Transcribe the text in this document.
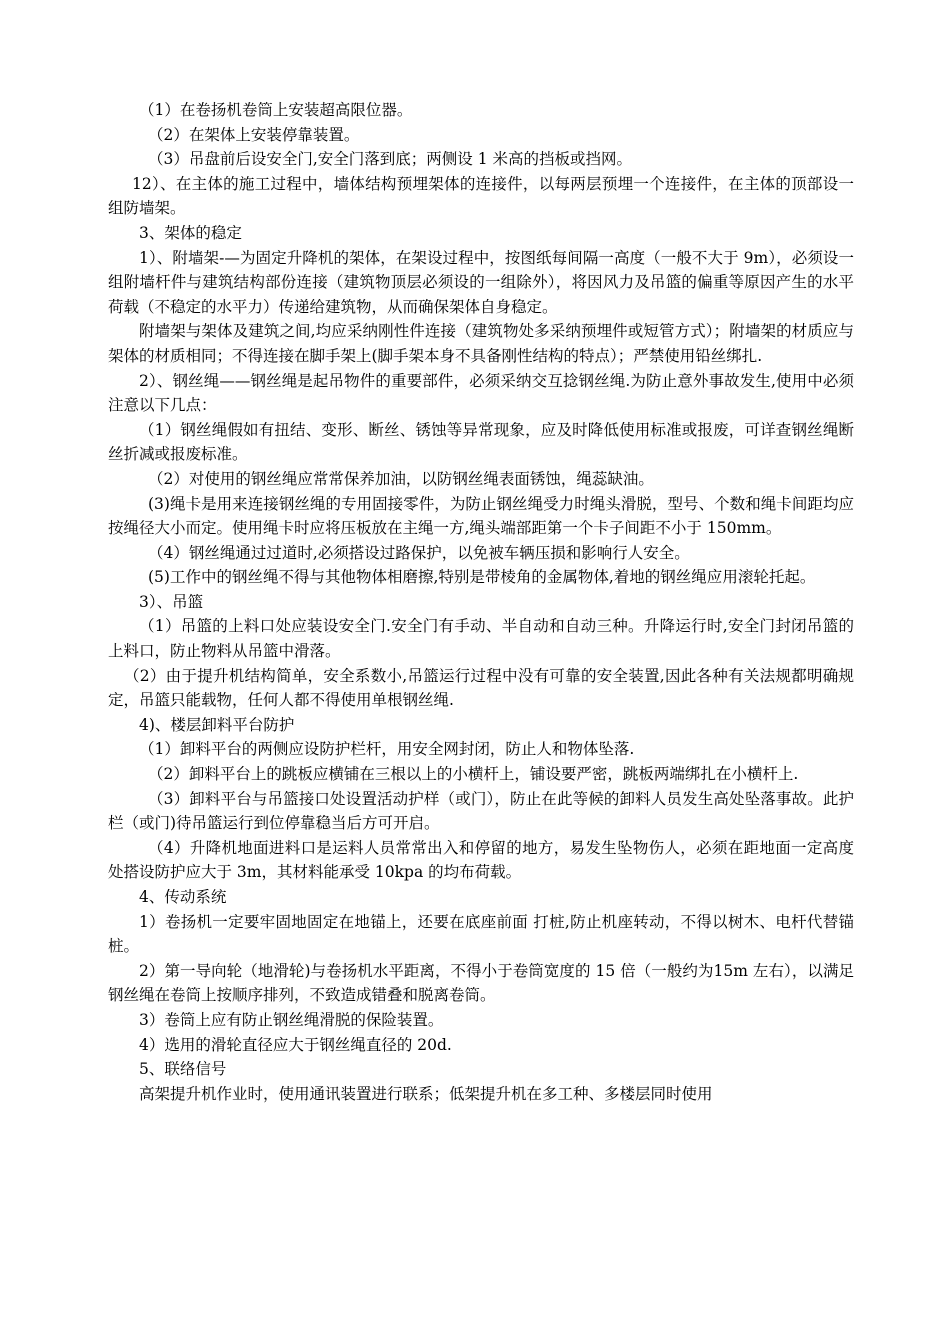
（1）在卷扬机卷筒上安装超高限位器。

（2）在架体上安装停靠装置。

（3）吊盘前后设安全门,安全门落到底；两侧设 1 米高的挡板或挡网。

12）、在主体的施工过程中，墙体结构预埋架体的连接件，以每两层预埋一个连接件，在主体的顶部设一组防墙架。

3、架体的稳定

1）、附墙架-—为固定升降机的架体，在架设过程中，按图纸每间隔一高度（一般不大于 9m），必须设一组附墙杆件与建筑结构部份连接（建筑物顶层必须设的一组除外），将因风力及吊篮的偏重等原因产生的水平荷载（不稳定的水平力）传递给建筑物，从而确保架体自身稳定。

附墙架与架体及建筑之间,均应采纳刚性件连接（建筑物处多采纳预埋件或短管方式）；附墙架的材质应与架体的材质相同；不得连接在脚手架上(脚手架本身不具备刚性结构的特点）；严禁使用铅丝绑扎.

2）、钢丝绳——钢丝绳是起吊物件的重要部件，必须采纳交互捻钢丝绳.为防止意外事故发生,使用中必须注意以下几点：

（1）钢丝绳假如有扭结、变形、断丝、锈蚀等异常现象，应及时降低使用标准或报废，可详查钢丝绳断丝折减或报废标准。

（2）对使用的钢丝绳应常常保养加油，以防钢丝绳表面锈蚀，绳蕊缺油。

(3)绳卡是用来连接钢丝绳的专用固接零件，为防止钢丝绳受力时绳头滑脱，型号、个数和绳卡间距均应按绳径大小而定。使用绳卡时应将压板放在主绳一方,绳头端部距第一个卡子间距不小于 150mm。

（4）钢丝绳通过过道时,必须搭设过路保护，以免被车辆压损和影响行人安全。

(5)工作中的钢丝绳不得与其他物体相磨擦,特别是带棱角的金属物体,着地的钢丝绳应用滚轮托起。

3）、吊篮

（1）吊篮的上料口处应装设安全门.安全门有手动、半自动和自动三种。升降运行时,安全门封闭吊篮的上料口，防止物料从吊篮中滑落。

（2）由于提升机结构简单，安全系数小,吊篮运行过程中没有可靠的安全装置,因此各种有关法规都明确规定，吊篮只能载物，任何人都不得使用单根钢丝绳.

4)、楼层卸料平台防护

（1）卸料平台的两侧应设防护栏杆，用安全网封闭，防止人和物体坠落.

（2）卸料平台上的跳板应横铺在三根以上的小横杆上，铺设要严密，跳板两端绑扎在小横杆上.

（3）卸料平台与吊篮接口处设置活动护样（或门），防止在此等候的卸料人员发生高处坠落事故。此护栏（或门)待吊篮运行到位停靠稳当后方可开启。

（4）升降机地面进料口是运料人员常常出入和停留的地方，易发生坠物伤人，必须在距地面一定高度处搭设防护应大于 3m，其材料能承受 10kpa 的均布荷载。

4、传动系统

1）卷扬机一定要牢固地固定在地锚上，还要在底座前面 打桩,防止机座转动，不得以树木、电杆代替锚桩。

2）第一导向轮（地滑轮)与卷扬机水平距离，不得小于卷筒宽度的 15 倍（一般约为15m 左右），以满足钢丝绳在卷筒上按顺序排列，不致造成错叠和脱离卷筒。

3）卷筒上应有防止钢丝绳滑脱的保险装置。

4）选用的滑轮直径应大于钢丝绳直径的 20d.

5、联络信号

高架提升机作业时，使用通讯装置进行联系；低架提升机在多工种、多楼层同时使用
